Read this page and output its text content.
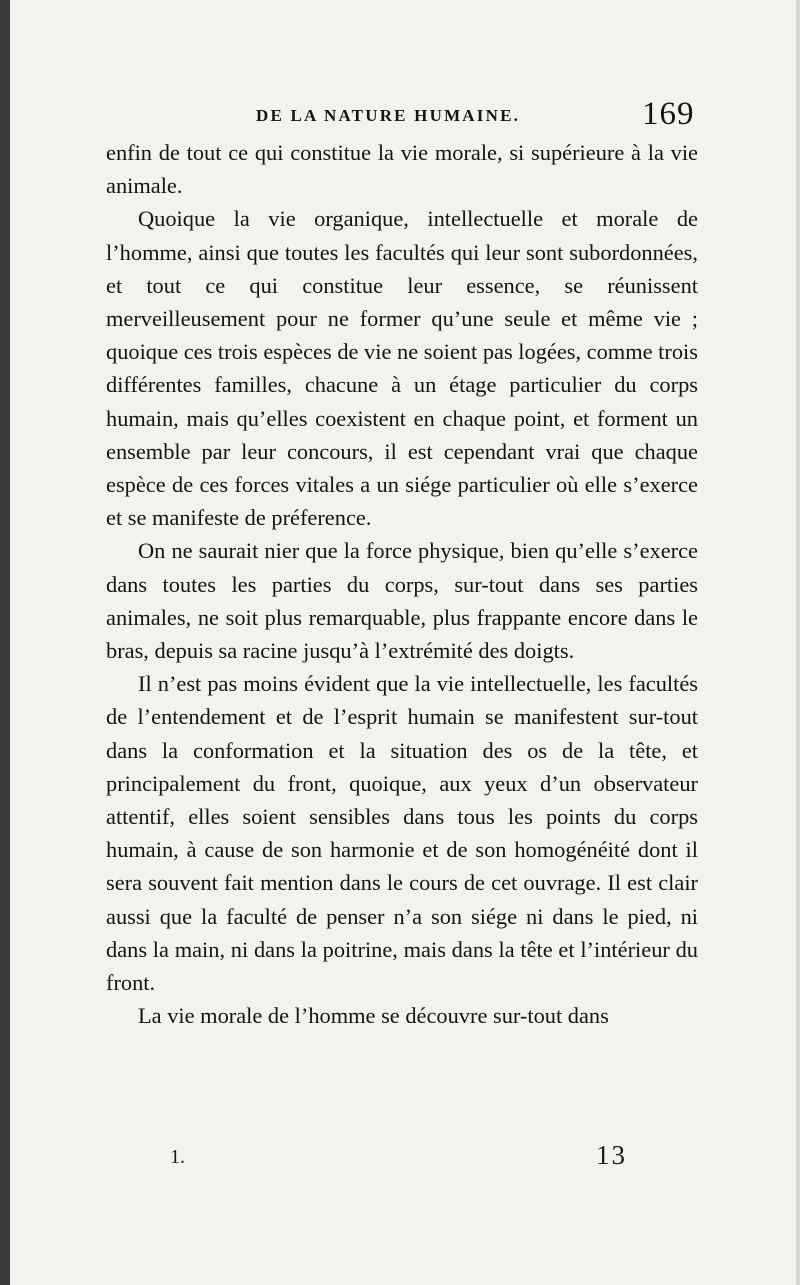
DE LA NATURE HUMAINE.	169

enfin de tout ce qui constitue la vie morale, si supérieure à la vie animale.

Quoique la vie organique, intellectuelle et morale de l’homme, ainsi que toutes les facultés qui leur sont subordonnées, et tout ce qui constitue leur essence, se réunissent merveilleusement pour ne former qu’une seule et même vie ; quoique ces trois espèces de vie ne soient pas logées, comme trois différentes familles, chacune à un étage particulier du corps humain, mais qu’elles coexistent en chaque point, et forment un ensemble par leur concours, il est cependant vrai que chaque espèce de ces forces vitales a un siége particulier où elle s’exerce et se manifeste de préference.

On ne saurait nier que la force physique, bien qu’elle s’exerce dans toutes les parties du corps, sur-tout dans ses parties animales, ne soit plus remarquable, plus frappante encore dans le bras, depuis sa racine jusqu’à l’extrémité des doigts.

Il n’est pas moins évident que la vie intellectuelle, les facultés de l’entendement et de l’esprit humain se manifestent sur-tout dans la conformation et la situation des os de la tête, et principalement du front, quoique, aux yeux d’un observateur attentif, elles soient sensibles dans tous les points du corps humain, à cause de son harmonie et de son homogénéité dont il sera souvent fait mention dans le cours de cet ouvrage. Il est clair aussi que la faculté de penser n’a son siége ni dans le pied, ni dans la main, ni dans la poitrine, mais dans la tête et l’intérieur du front.

La vie morale de l’homme se découvre sur-tout dans

1.	13
